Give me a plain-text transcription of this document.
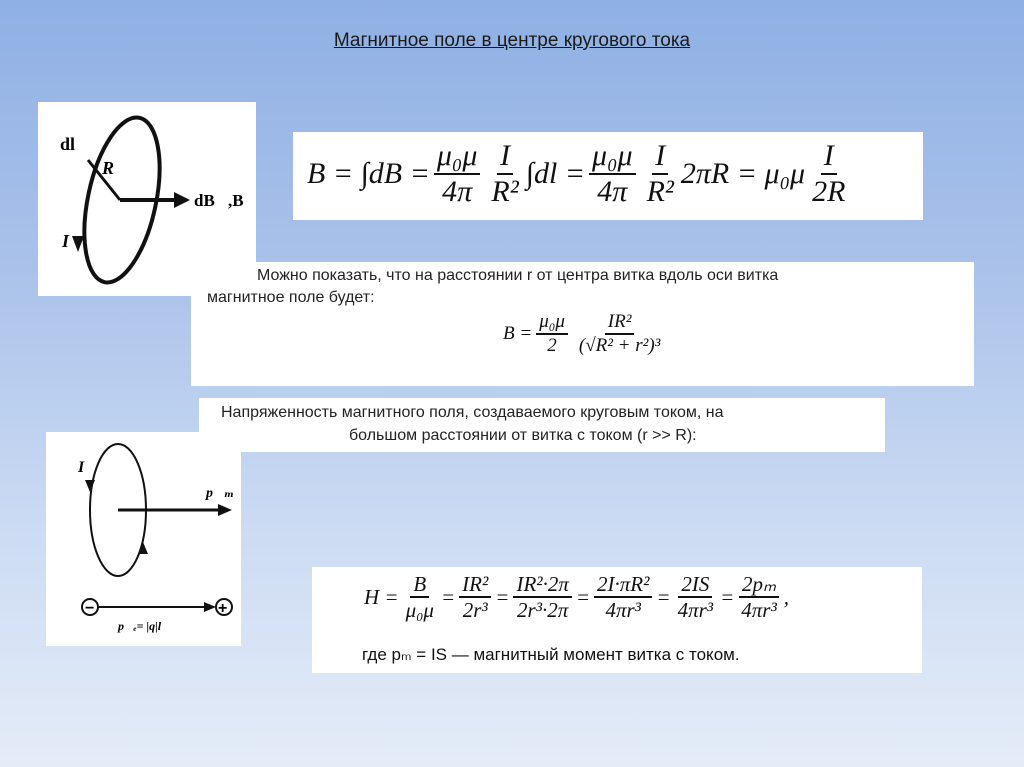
Магнитное поле в центре кругового тока
dl
R
I
dB⃗,B⃗
$B = \int dB = \frac{\text{μ₀μ}}{4\pi} \frac{I}{\text{R²}} \int dl = \frac{\text{μ₀μ}}{4\pi} \frac{I}{\text{R²}} 2\pi R = \mu_0\mu \frac{I}{2R}$
Можно показать, что на расстоянии r от центра витка вдоль оси витка
магнитное поле будет:
$B = \frac{\text{μ₀μ}}{2} \frac{\text{IR²}}{\text{(√R² + r²)³}}$
Напряженность магнитного поля, создаваемого круговым током, на
большом расстоянии от витка с током (r >> R):
I
p⃗ₘ
−	+
p⃗ₑ= |q|l⃗
$H = \frac{B}{\text{μ₀μ}} = \frac{\text{IR²}}{\text{2r³}} = \frac{\text{IR²·2π}}{\text{2r³·2π}} = \frac{\text{2I·πR²}}{\text{4πr³}} = \frac{2IS}{\text{4πr³}} = \frac{\text{2pₘ}}{\text{4πr³}}$ ,
где pₘ = IS — магнитный момент витка с током.
